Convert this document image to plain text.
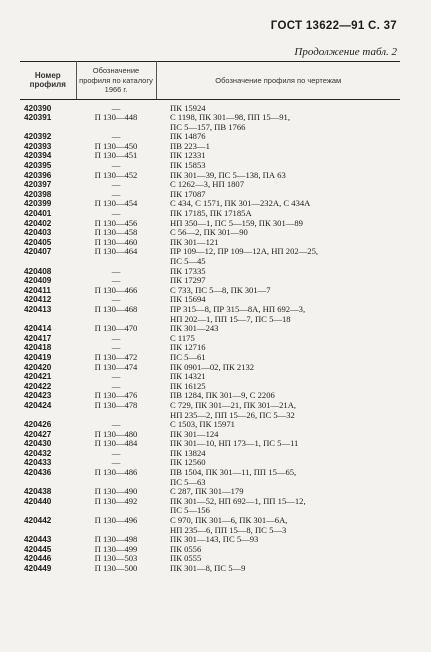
ГОСТ 13622—91 С. 37
Продолжение табл. 2
Номер профиля	Обозначение профиля по каталогу 1966 г.	Обозначение профиля по чертежам
420390	—	ПК 15924

420391	П 130—448	С 1198, ПК 301—98, ПП 15—91,
ПС 5—157, ПВ 1766

420392	—	ПК 14876

420393	П 130—450	ПВ 223—1

420394	П 130—451	ПК 12331

420395	—	ПК 15853

420396	П 130—452	ПК 301—39, ПС 5—138, ПА 63

420397	—	С 1262—3, НП 1807

420398	—	ПК 17087

420399	П 130—454	С 434, С 1571, ПК 301—232А, С 434А

420401	—	ПК 17185, ПК 17185А

420402	П 130—456	НП 350—1, ПС 5—159, ПК 301—89

420403	П 130—458	С 56—2, ПК 301—90

420405	П 130—460	ПК 301—121

420407	П 130—464	ПР 109—12, ПР 109—12А, НП 202—25,
ПС 5—45

420408	—	ПК 17335

420409	—	ПК 17297

420411	П 130—466	С 733, ПС 5—8, ПК 301—7

420412	—	ПК 15694

420413	П 130—468	ПР 315—8, ПР 315—8А, НП 692—3,
НП 202—1, ПП 15—7, ПС 5—18

420414	П 130—470	ПК 301—243

420417	—	С 1175

420418	—	ПК 12716

420419	П 130—472	ПС 5—61

420420	П 130—474	ПК 0901—02, ПК 2132

420421	—	ПК 14321

420422	—	ПК 16125

420423	П 130—476	ПВ 1284, ПК 301—9, С 2206

420424	П 130—478	С 729, ПК 301—21, ПК 301—21А,
НП 235—2, ПП 15—26, ПС 5—32

420426	—	С 1503, ПК 15971

420427	П 130—480	ПК 301—124

420430	П 130—484	ПК 301—10, НП 173—1, ПС 5—11

420432	—	ПК 13824

420433	—	ПК 12560

420436	П 130—486	ПВ 1504, ПК 301—11, ПП 15—65,
ПС 5—63

420438	П 130—490	С 287, ПК 301—179

420440	П 130—492	ПК 301—52, НП 692—1, ПП 15—12,
ПС 5—156

420442	П 130—496	С 970, ПК 301—6, ПК 301—6А,
НП 235—6, ПП 15—8, ПС 5—3

420443	П 130—498	ПК 301—143, ПС 5—93

420445	П 130—499	ПК 0556

420446	П 130—503	ПК 0555

420449	П 130—500	ПК 301—8, ПС 5—9
